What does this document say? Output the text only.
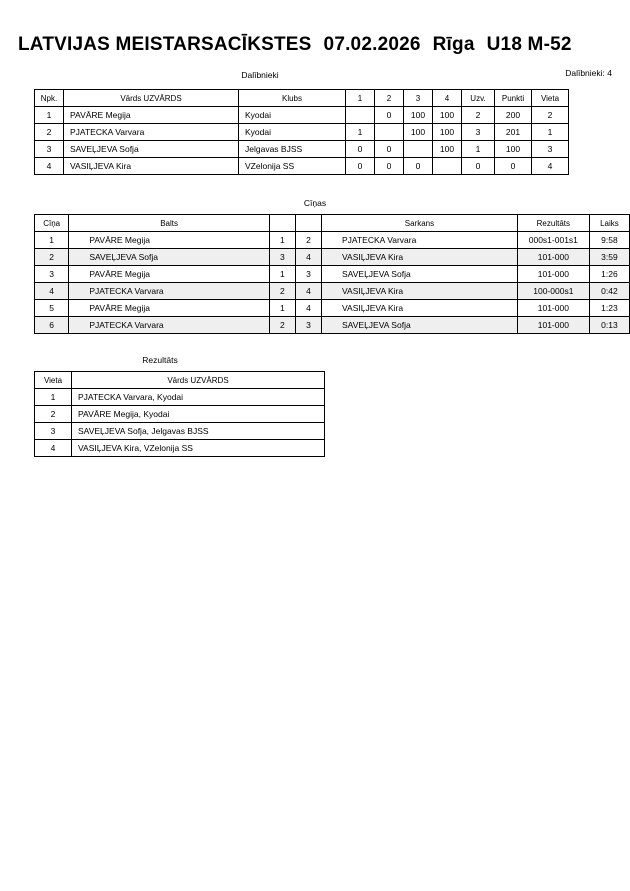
LATVIJAS MEISTARSACĪKSTES 07.02.2026 Rīga U18 M-52
Dalībnieki	Dalībnieki: 4
Npk.	Vārds UZVĀRDS	Klubs	1	2	3	4	Uzv.	Punkti	Vieta
1	PAVĀRE Megija	Kyodai		0	100	100	2	200	2
2	PJATECKA Varvara	Kyodai	1		100	100	3	201	1
3	SAVEĻJEVA Sofja	Jelgavas BJSS	0	0		100	1	100	3
4	VASIĻJEVA Kira	VZelonija SS	0	0	0		0	0	4
Cīņas
Cīņa	Balts			Sarkans	Rezultāts	Laiks
1	PAVĀRE Megija	1	2	PJATECKA Varvara	000s1-001s1	9:58
2	SAVEĻJEVA Sofja	3	4	VASIĻJEVA Kira	101-000	3:59
3	PAVĀRE Megija	1	3	SAVEĻJEVA Sofja	101-000	1:26
4	PJATECKA Varvara	2	4	VASIĻJEVA Kira	100-000s1	0:42
5	PAVĀRE Megija	1	4	VASIĻJEVA Kira	101-000	1:23
6	PJATECKA Varvara	2	3	SAVEĻJEVA Sofja	101-000	0:13
Rezultāts
Vieta	Vārds UZVĀRDS
1	PJATECKA Varvara, Kyodai
2	PAVĀRE Megija, Kyodai
3	SAVEĻJEVA Sofja, Jelgavas BJSS
4	VASIĻJEVA Kira, VZelonija SS
